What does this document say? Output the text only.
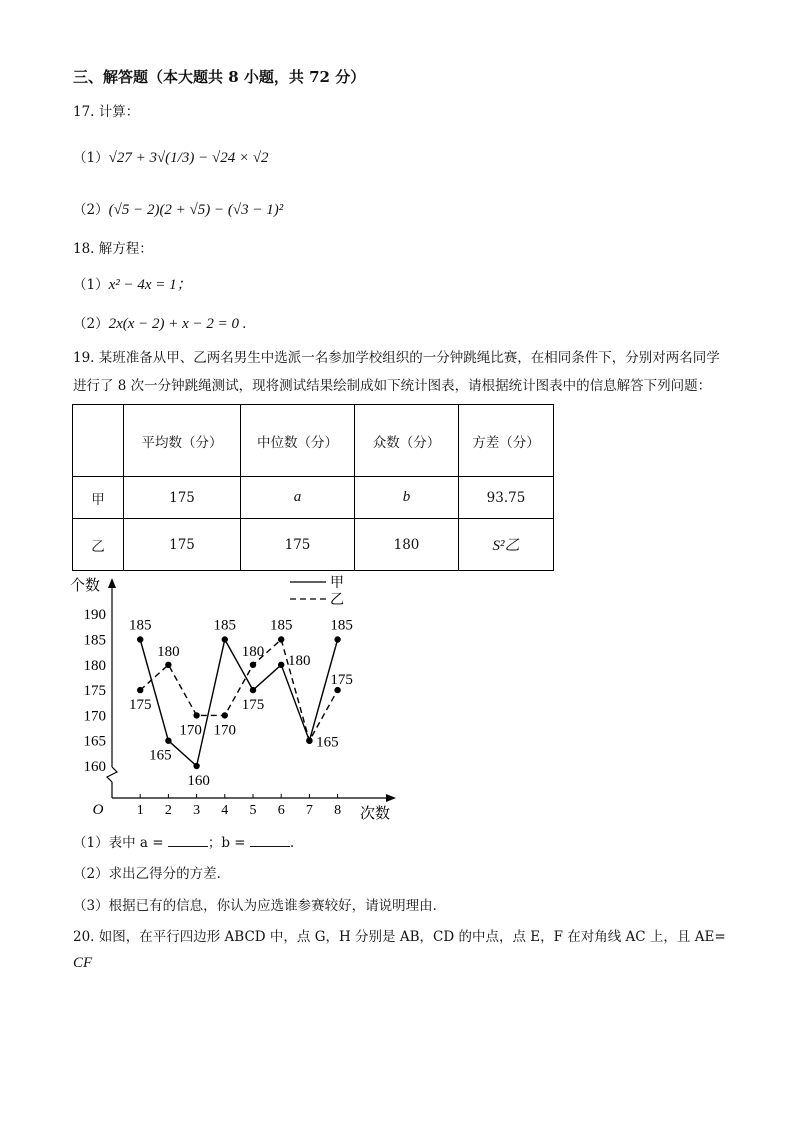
三、解答题（本大题共 8 小题，共 72 分）
17. 计算：
（1）√27 + 3√(1/3) − √24 × √2
（2）(√5 − 2)(2 + √5) − (√3 − 1)²
18. 解方程：
（1）x² − 4x = 1；
（2）2x(x − 2) + x − 2 = 0 .
19. 某班准备从甲、乙两名男生中选派一名参加学校组织的一分钟跳绳比赛，在相同条件下，分别对两名同学进行了 8 次一分钟跳绳测试，现将测试结果绘制成如下统计图表，请根据统计图表中的信息解答下列问题：
	平均数（分）	中位数（分）	众数（分）	方差（分）
甲	175	a	b	93.75
乙	175	175	180	S²乙
160
165
170
175
180
185
190
1 2 3 4 5 6 7 8
O
个数
次数
甲
乙
185
175
180
165
170
160
185
170
180
175
185
180
165
185
175
（1）表中 a =	；b =	.
（2）求出乙得分的方差．
（3）根据已有的信息，你认为应选谁参赛较好，请说明理由．
20. 如图，在平行四边形 ABCD 中，点 G，H 分别是 AB，CD 的中点，点 E，F 在对角线 AC 上，且 AE=
CF
